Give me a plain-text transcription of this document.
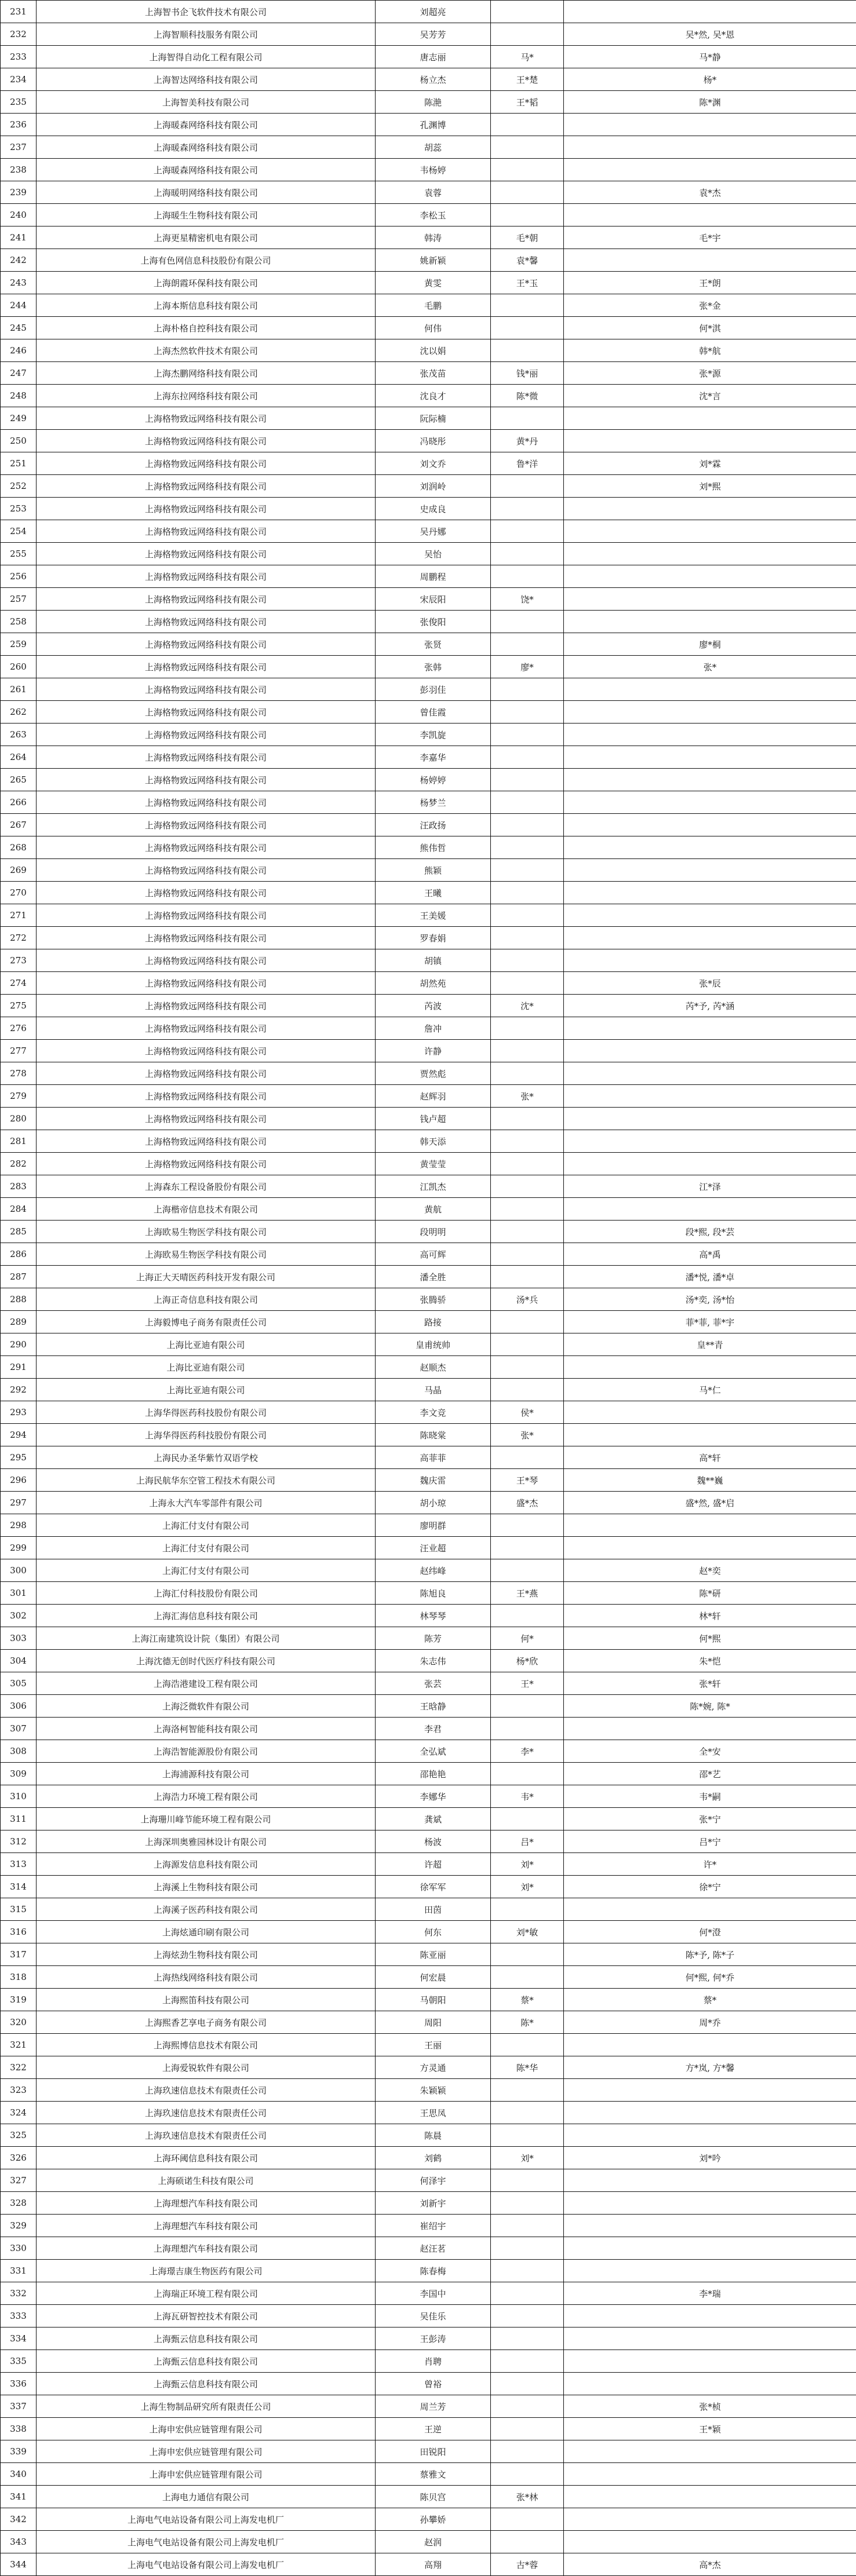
231	上海智书企飞软件技术有限公司	刘超亮		
232	上海智顺科技服务有限公司	吴芳芳		吴*然, 吴*恩
233	上海智得自动化工程有限公司	唐志丽	马*	马*静
234	上海智达网络科技有限公司	杨立杰	王*楚	杨*
235	上海智美科技有限公司	陈滟	王*韬	陈*渊
236	上海暖森网络科技有限公司	孔渊博		
237	上海暖森网络科技有限公司	胡蕊		
238	上海暖森网络科技有限公司	韦杨婷		
239	上海暖明网络科技有限公司	袁蓉		袁*杰
240	上海暖生生物科技有限公司	李松玉		
241	上海更星精密机电有限公司	韩涛	毛*朝	毛*宇
242	上海有色网信息科技股份有限公司	姚新颖	袁*馨	
243	上海朗霞环保科技有限公司	黄雯	王*玉	王*朗
244	上海本斯信息科技有限公司	毛鹏		张*金
245	上海朴格自控科技有限公司	何伟		何*淇
246	上海杰然软件技术有限公司	沈以娟		韩*航
247	上海杰鹏网络科技有限公司	张茂苗	钱*丽	张*源
248	上海东拉网络科技有限公司	沈良才	陈*微	沈*言
249	上海格物致远网络科技有限公司	阮际楠		
250	上海格物致远网络科技有限公司	冯晓彤	黄*丹	
251	上海格物致远网络科技有限公司	刘文乔	鲁*洋	刘*霖
252	上海格物致远网络科技有限公司	刘润岭		刘*熙
253	上海格物致远网络科技有限公司	史成良		
254	上海格物致远网络科技有限公司	吴丹娜		
255	上海格物致远网络科技有限公司	吴怡		
256	上海格物致远网络科技有限公司	周鹏程		
257	上海格物致远网络科技有限公司	宋辰阳	饶*	
258	上海格物致远网络科技有限公司	张俊阳		
259	上海格物致远网络科技有限公司	张贤		廖*桐
260	上海格物致远网络科技有限公司	张韩	廖*	张*
261	上海格物致远网络科技有限公司	彭羽佳		
262	上海格物致远网络科技有限公司	曾佳霞		
263	上海格物致远网络科技有限公司	李凯旋		
264	上海格物致远网络科技有限公司	李嘉华		
265	上海格物致远网络科技有限公司	杨婷婷		
266	上海格物致远网络科技有限公司	杨梦兰		
267	上海格物致远网络科技有限公司	汪政扬		
268	上海格物致远网络科技有限公司	熊伟哲		
269	上海格物致远网络科技有限公司	熊颖		
270	上海格物致远网络科技有限公司	王曦		
271	上海格物致远网络科技有限公司	王美媛		
272	上海格物致远网络科技有限公司	罗春娟		
273	上海格物致远网络科技有限公司	胡镇		
274	上海格物致远网络科技有限公司	胡然苑		张*辰
275	上海格物致远网络科技有限公司	芮波	沈*	芮*予, 芮*涵
276	上海格物致远网络科技有限公司	詹冲		
277	上海格物致远网络科技有限公司	许静		
278	上海格物致远网络科技有限公司	贾然彪		
279	上海格物致远网络科技有限公司	赵辉羽	张*	
280	上海格物致远网络科技有限公司	钱卢超		
281	上海格物致远网络科技有限公司	韩天添		
282	上海格物致远网络科技有限公司	黄莹莹		
283	上海森东工程设备股份有限公司	江凯杰		江*泽
284	上海楷帝信息技术有限公司	黄航		
285	上海欧易生物医学科技有限公司	段明明		段*熙, 段*芸
286	上海欧易生物医学科技有限公司	高可辉		高*禹
287	上海正大天晴医药科技开发有限公司	潘全胜		潘*悦, 潘*卓
288	上海正奇信息科技有限公司	张腾骄	汤*兵	汤*奕, 汤*怡
289	上海毅博电子商务有限责任公司	路接		菲*菲, 菲*宇
290	上海比亚迪有限公司	皇甫统帅		皇**青
291	上海比亚迪有限公司	赵顺杰		
292	上海比亚迪有限公司	马晶		马*仁
293	上海华得医药科技股份有限公司	李文竞	侯*	
294	上海华得医药科技股份有限公司	陈晓棠	张*	
295	上海民办圣华紫竹双语学校	高菲菲		高*轩
296	上海民航华东空管工程技术有限公司	魏庆雷	王*琴	魏**巍
297	上海永大汽车零部件有限公司	胡小琼	盛*杰	盛*然, 盛*启
298	上海汇付支付有限公司	廖明群		
299	上海汇付支付有限公司	汪业超		
300	上海汇付支付有限公司	赵纬峰		赵*奕
301	上海汇付科技股份有限公司	陈旭良	王*燕	陈*研
302	上海汇海信息科技有限公司	林琴琴		林*轩
303	上海江南建筑设计院（集团）有限公司	陈芳	何*	何*熙
304	上海沈德无创时代医疗科技有限公司	朱志伟	杨*欣	朱*恺
305	上海浩港建设工程有限公司	张芸	王*	张*轩
306	上海泛微软件有限公司	王晗静		陈*婉, 陈*
307	上海洛柯智能科技有限公司	李君		
308	上海浩智能源股份有限公司	全弘斌	李*	全*安
309	上海浦源科技有限公司	邵艳艳		邵*艺
310	上海浩力环境工程有限公司	李娜华	韦*	韦*嗣
311	上海珊川峰节能环境工程有限公司	龚斌		张*宁
312	上海深圳奥雅园林设计有限公司	杨波	吕*	吕*宁
313	上海源发信息科技有限公司	许超	刘*	许*
314	上海溪上生物科技有限公司	徐军军	刘*	徐*宁
315	上海溪子医药科技有限公司	田茵		
316	上海炫通印刷有限公司	何东	刘*敏	何*澄
317	上海炫劲生物科技有限公司	陈亚丽		陈*予, 陈*子
318	上海热线网络科技有限公司	何宏晨		何*熙, 何*乔
319	上海熙笛科技有限公司	马朝阳	蔡*	蔡*
320	上海熙香艺享电子商务有限公司	周阳	陈*	周*乔
321	上海熙博信息技术有限公司	王丽		
322	上海爱锐软件有限公司	方灵通	陈*华	方*岚, 方*馨
323	上海玖速信息技术有限责任公司	朱颖颖		
324	上海玖速信息技术有限责任公司	王思凤		
325	上海玖速信息技术有限责任公司	陈晨		
326	上海环阈信息科技有限公司	刘鹤	刘*	刘*吟
327	上海硕诺生科技有限公司	何泽宇		
328	上海理想汽车科技有限公司	刘新宇		
329	上海理想汽车科技有限公司	崔绍宇		
330	上海理想汽车科技有限公司	赵汪茗		
331	上海璟吉康生物医药有限公司	陈春梅		
332	上海瑞正环境工程有限公司	李国中		李*瑞
333	上海瓦研智控技术有限公司	吴佳乐		
334	上海甄云信息科技有限公司	王彭涛		
335	上海甄云信息科技有限公司	肖聘		
336	上海甄云信息科技有限公司	曾裕		
337	上海生物制品研究所有限责任公司	周兰芳		张*桢
338	上海申宏供应链管理有限公司	王逆		王*颖
339	上海申宏供应链管理有限公司	田锐阳		
340	上海申宏供应链管理有限公司	蔡雅文		
341	上海电力通信有限公司	陈贝宫	张*林	
342	上海电气电站设备有限公司上海发电机厂	孙攀娇		
343	上海电气电站设备有限公司上海发电机厂	赵润		
344	上海电气电站设备有限公司上海发电机厂	高翔	古*蓉	高*杰
